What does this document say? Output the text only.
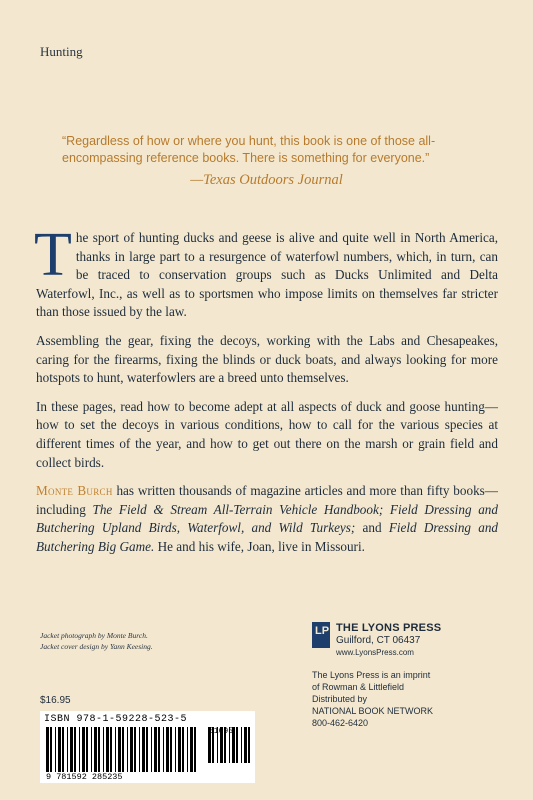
Hunting
“Regardless of how or where you hunt, this book is one of those all-encompassing reference books. There is something for everyone.”
—Texas Outdoors Journal

The sport of hunting ducks and geese is alive and quite well in North America, thanks in large part to a resurgence of waterfowl numbers, which, in turn, can be traced to conservation groups such as Ducks Unlimited and Delta Waterfowl, Inc., as well as to sportsmen who impose limits on themselves far stricter than those issued by the law.

Assembling the gear, fixing the decoys, working with the Labs and Chesapeakes, caring for the firearms, fixing the blinds or duck boats, and always looking for more hotspots to hunt, waterfowlers are a breed unto themselves.

In these pages, read how to become adept at all aspects of duck and goose hunting—how to set the decoys in various conditions, how to call for the various species at different times of the year, and how to get out there on the marsh or grain field and collect birds.

Monte Burch has written thousands of magazine articles and more than fifty books—including The Field & Stream All-Terrain Vehicle Handbook; Field Dressing and Butchering Upland Birds, Waterfowl, and Wild Turkeys; and Field Dressing and Butchering Big Game. He and his wife, Joan, live in Missouri.

Jacket photograph by Monte Burch.
Jacket cover design by Yann Keesing.
$16.95
LP THE LYONS PRESS
Guilford, CT 06437
www.LyonsPress.com
The Lyons Press is an imprint
of Rowman & Littlefield
Distributed by
NATIONAL BOOK NETWORK
800-462-6420
ISBN 978-1-59228-523-5
9 781592 285235
51695
